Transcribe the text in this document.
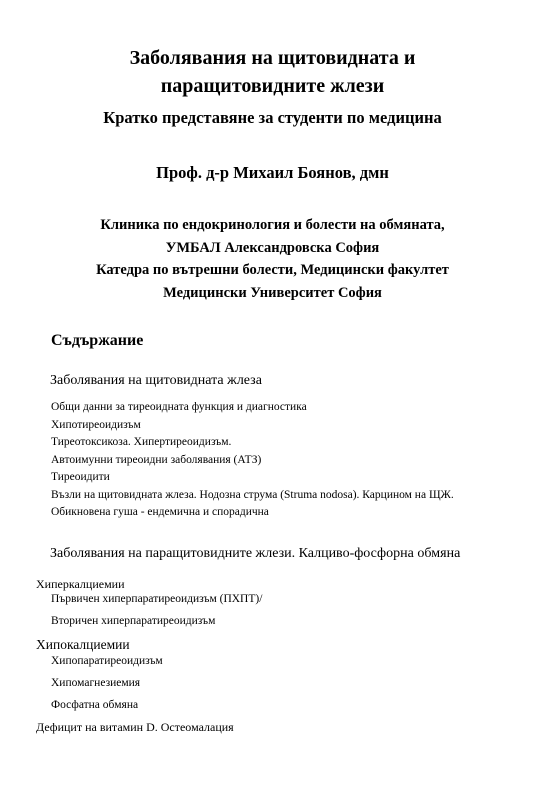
Заболявания на щитовидната и
паращитовидните жлези
Кратко представяне за студенти по медицина
Проф. д-р Михаил Боянов, дмн
Клиника по ендокринология и болести на обмяната,
УМБАЛ Александровска София
Катедра по вътрешни болести, Медицински факултет
Медицински Университет София
Съдържание
Заболявания на щитовидната жлеза
Общи данни за тиреоидната функция и диагностика
Хипотиреоидизъм
Тиреотоксикоза. Хипертиреоидизъм.
Автоимунни тиреоидни заболявания (АТЗ)
Тиреоидити
Възли на щитовидната жлеза. Нодозна струма (Struma nodosa). Карцином на ЩЖ.
Обикновена гуша - ендемична и спорадична
Заболявания на паращитовидните жлези. Калциво-фосфорна обмяна
Хиперкалциемии
Първичен хиперпаратиреоидизъм (ПХПТ)/
Вторичен хиперпаратиреоидизъм
Хипокалциемии
Хипопаратиреоидизъм
Хипомагнезиемия
Фосфатна обмяна
Дефицит на витамин D. Остеомалация
